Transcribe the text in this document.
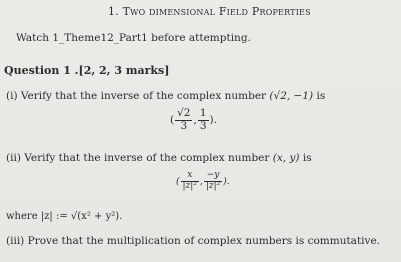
1. Two dimensional Field Properties
Watch 1_Theme12_Part1 before attempting.
Question 1 .[2, 2, 3 marks]
(i) Verify that the inverse of the complex number (√2, −1) is
( $\frac{√2}{3}$ , $\frac{1}{3}$ ).
(ii) Verify that the inverse of the complex number (x, y) is
( $\frac{x}{\text{|z|²}}$ , $\frac{-y}{\text{|z|²}}$ ).
where |z| := √(x² + y²).
(iii) Prove that the multiplication of complex numbers is commutative.
